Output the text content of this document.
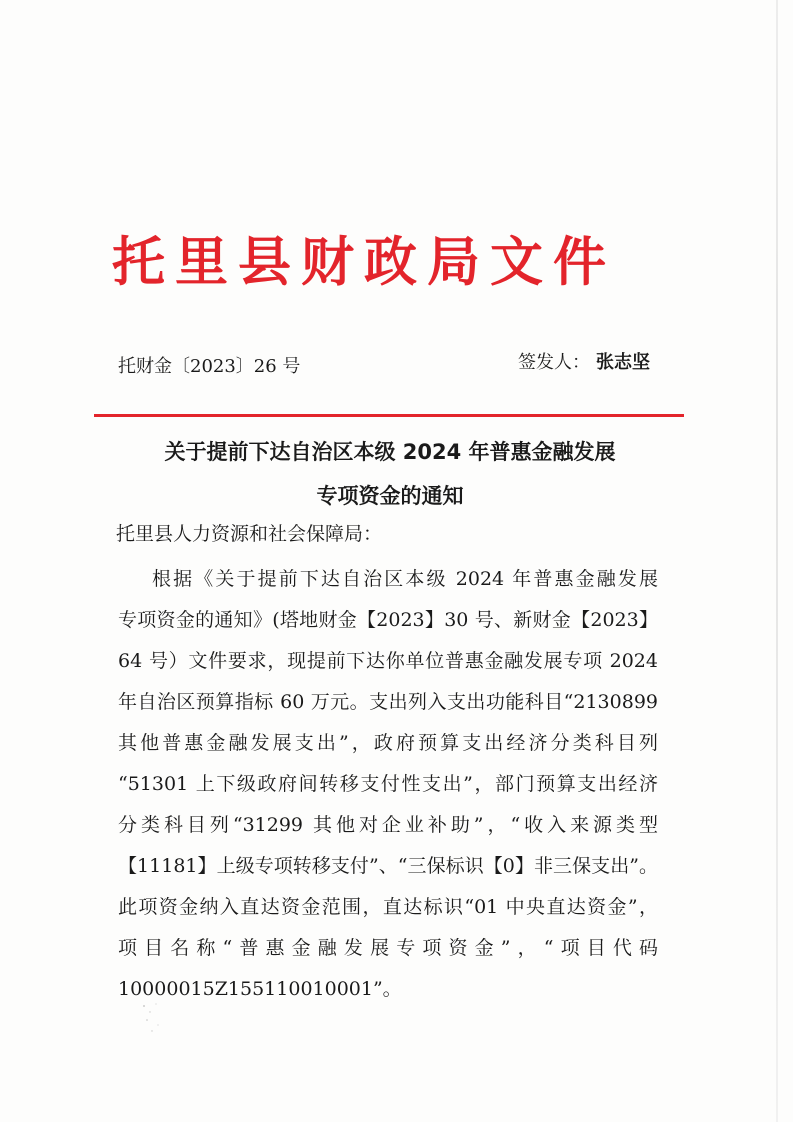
托里县财政局文件
托财金〔2023〕26 号	签发人： 张志坚
关于提前下达自治区本级 2024 年普惠金融发展
专项资金的通知
托里县人力资源和社会保障局：
根据《关于提前下达自治区本级 2024 年普惠金融发展
专项资金的通知》(塔地财金【2023】30 号、新财金【2023】
64 号）文件要求，现提前下达你单位普惠金融发展专项 2024
年自治区预算指标 60 万元。支出列入支出功能科目“2130899
其他普惠金融发展支出”，政府预算支出经济分类科目列
“51301 上下级政府间转移支付性支出”，部门预算支出经济
分类科目列“31299 其他对企业补助”，“收入来源类型
【11181】上级专项转移支付”、“三保标识【0】非三保支出”。
此项资金纳入直达资金范围，直达标识“01 中央直达资金”，
项目名称“普惠金融发展专项资金”，“项目代码
10000015Z155110010001”。
